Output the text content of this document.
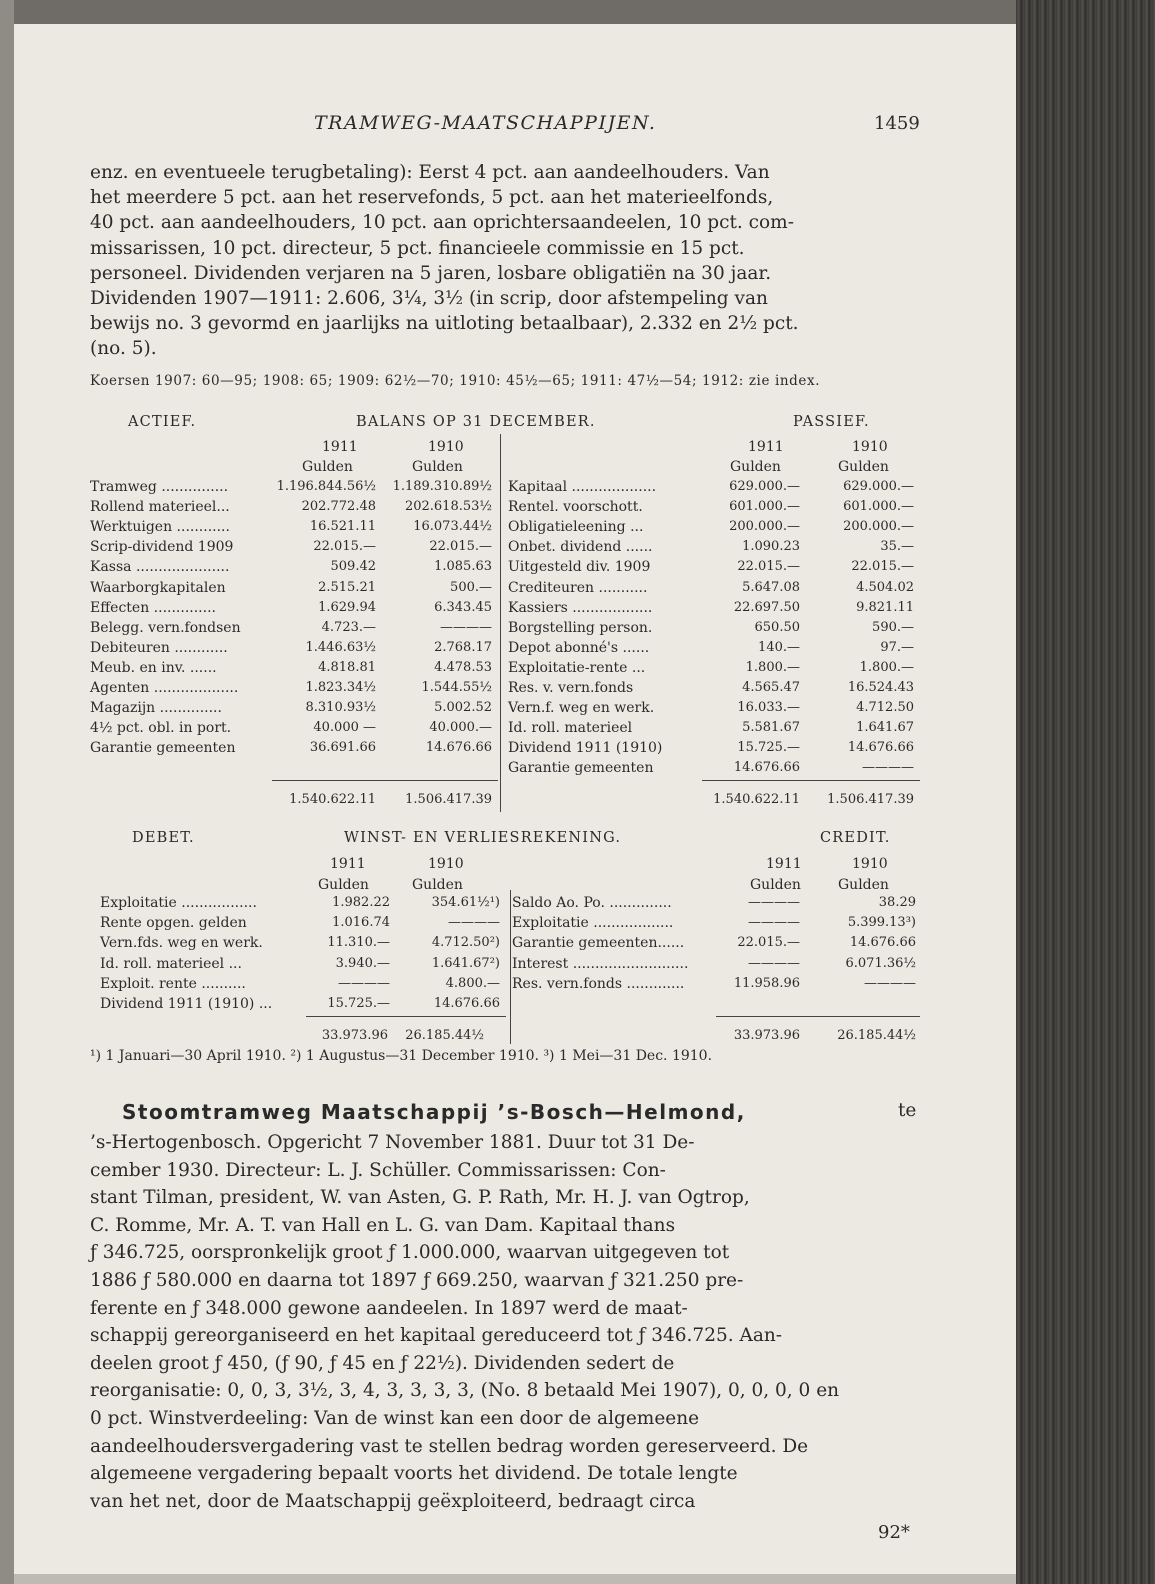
TRAMWEG-MAATSCHAPPIJEN.	1459
enz. en eventueele terugbetaling): Eerst 4 pct. aan aandeelhouders. Van
het meerdere 5 pct. aan het reservefonds, 5 pct. aan het materieelfonds,
40 pct. aan aandeelhouders, 10 pct. aan oprichtersaandeelen, 10 pct. com-
missarissen, 10 pct. directeur, 5 pct. financieele commissie en 15 pct.
personeel. Dividenden verjaren na 5 jaren, losbare obligatiën na 30 jaar.
Dividenden 1907—1911: 2.606, 3¼, 3½ (in scrip, door afstempeling van
bewijs no. 3 gevormd en jaarlijks na uitloting betaalbaar), 2.332 en 2½ pct.
(no. 5).
Koersen 1907: 60—95; 1908: 65; 1909: 62½—70; 1910: 45½—65; 1911: 47½—54; 1912: zie index.
ACTIEF.	BALANS OP 31 DECEMBER.	PASSIEF.
1911	1910
Gulden	Gulden
1911	1910
Gulden	Gulden
Tramweg ...............	1.196.844.56½	1.189.310.89½
Rollend materieel...	202.772.48	202.618.53½
Werktuigen ............	16.521.11	16.073.44½
Scrip-dividend 1909	22.015.—	22.015.—
Kassa .....................	509.42	1.085.63
Waarborgkapitalen	2.515.21	500.—
Effecten ..............	1.629.94	6.343.45
Belegg. vern.fondsen	4.723.—	————
Debiteuren ............	1.446.63½	2.768.17
Meub. en inv. ......	4.818.81	4.478.53
Agenten ...................	1.823.34½	1.544.55½
Magazijn ..............	8.310.93½	5.002.52
4½ pct. obl. in port.	40.000 —	40.000.—
Garantie gemeenten	36.691.66	14.676.66
Kapitaal ...................	629.000.—	629.000.—
Rentel. voorschott.	601.000.—	601.000.—
Obligatieleening ...	200.000.—	200.000.—
Onbet. dividend ......	1.090.23	35.—
Uitgesteld div. 1909	22.015.—	22.015.—
Crediteuren ...........	5.647.08	4.504.02
Kassiers ..................	22.697.50	9.821.11
Borgstelling person.	650.50	590.—
Depot abonné's ......	140.—	97.—
Exploitatie-rente ...	1.800.—	1.800.—
Res. v. vern.fonds	4.565.47	16.524.43
Vern.f. weg en werk.	16.033.—	4.712.50
Id. roll. materieel	5.581.67	1.641.67
Dividend 1911 (1910)	15.725.—	14.676.66
Garantie gemeenten	14.676.66	————
1.540.622.11	1.506.417.39	1.540.622.11	1.506.417.39
DEBET.	WINST- EN VERLIESREKENING.	CREDIT.
1911	1910
Gulden	Gulden
1911	1910
Gulden	Gulden
Exploitatie .................	1.982.22	354.61½¹)
Rente opgen. gelden	1.016.74	————
Vern.fds. weg en werk.	11.310.—	4.712.50²)
Id. roll. materieel ...	3.940.—	1.641.67²)
Exploit. rente ..........	————	4.800.—
Dividend 1911 (1910) ...	15.725.—	14.676.66
Saldo Ao. Po. ..............	————	38.29
Exploitatie ..................	————	5.399.13³)
Garantie gemeenten......	22.015.—	14.676.66
Interest ..........................	————	6.071.36½
Res. vern.fonds .............	11.958.96	————
33.973.96	26.185.44½	33.973.96	26.185.44½
¹) 1 Januari—30 April 1910. ²) 1 Augustus—31 December 1910. ³) 1 Mei—31 Dec. 1910.
Stoomtramweg Maatschappij ’s-Bosch—Helmond,	te
’s-Hertogenbosch. Opgericht 7 November 1881. Duur tot 31 De-
cember 1930. Directeur: L. J. Schüller. Commissarissen: Con-
stant Tilman, president, W. van Asten, G. P. Rath, Mr. H. J. van Ogtrop,
C. Romme, Mr. A. T. van Hall en L. G. van Dam. Kapitaal thans
ƒ 346.725, oorspronkelijk groot ƒ 1.000.000, waarvan uitgegeven tot
1886 ƒ 580.000 en daarna tot 1897 ƒ 669.250, waarvan ƒ 321.250 pre-
ferente en ƒ 348.000 gewone aandeelen. In 1897 werd de maat-
schappij gereorganiseerd en het kapitaal gereduceerd tot ƒ 346.725. Aan-
deelen groot ƒ 450, (ƒ 90, ƒ 45 en ƒ 22½). Dividenden sedert de
reorganisatie: 0, 0, 3, 3½, 3, 4, 3, 3, 3, 3, (No. 8 betaald Mei 1907), 0, 0, 0, 0 en
0 pct. Winstverdeeling: Van de winst kan een door de algemeene
aandeelhoudersvergadering vast te stellen bedrag worden gereserveerd. De
algemeene vergadering bepaalt voorts het dividend. De totale lengte
van het net, door de Maatschappij geëxploiteerd, bedraagt circa
92*
